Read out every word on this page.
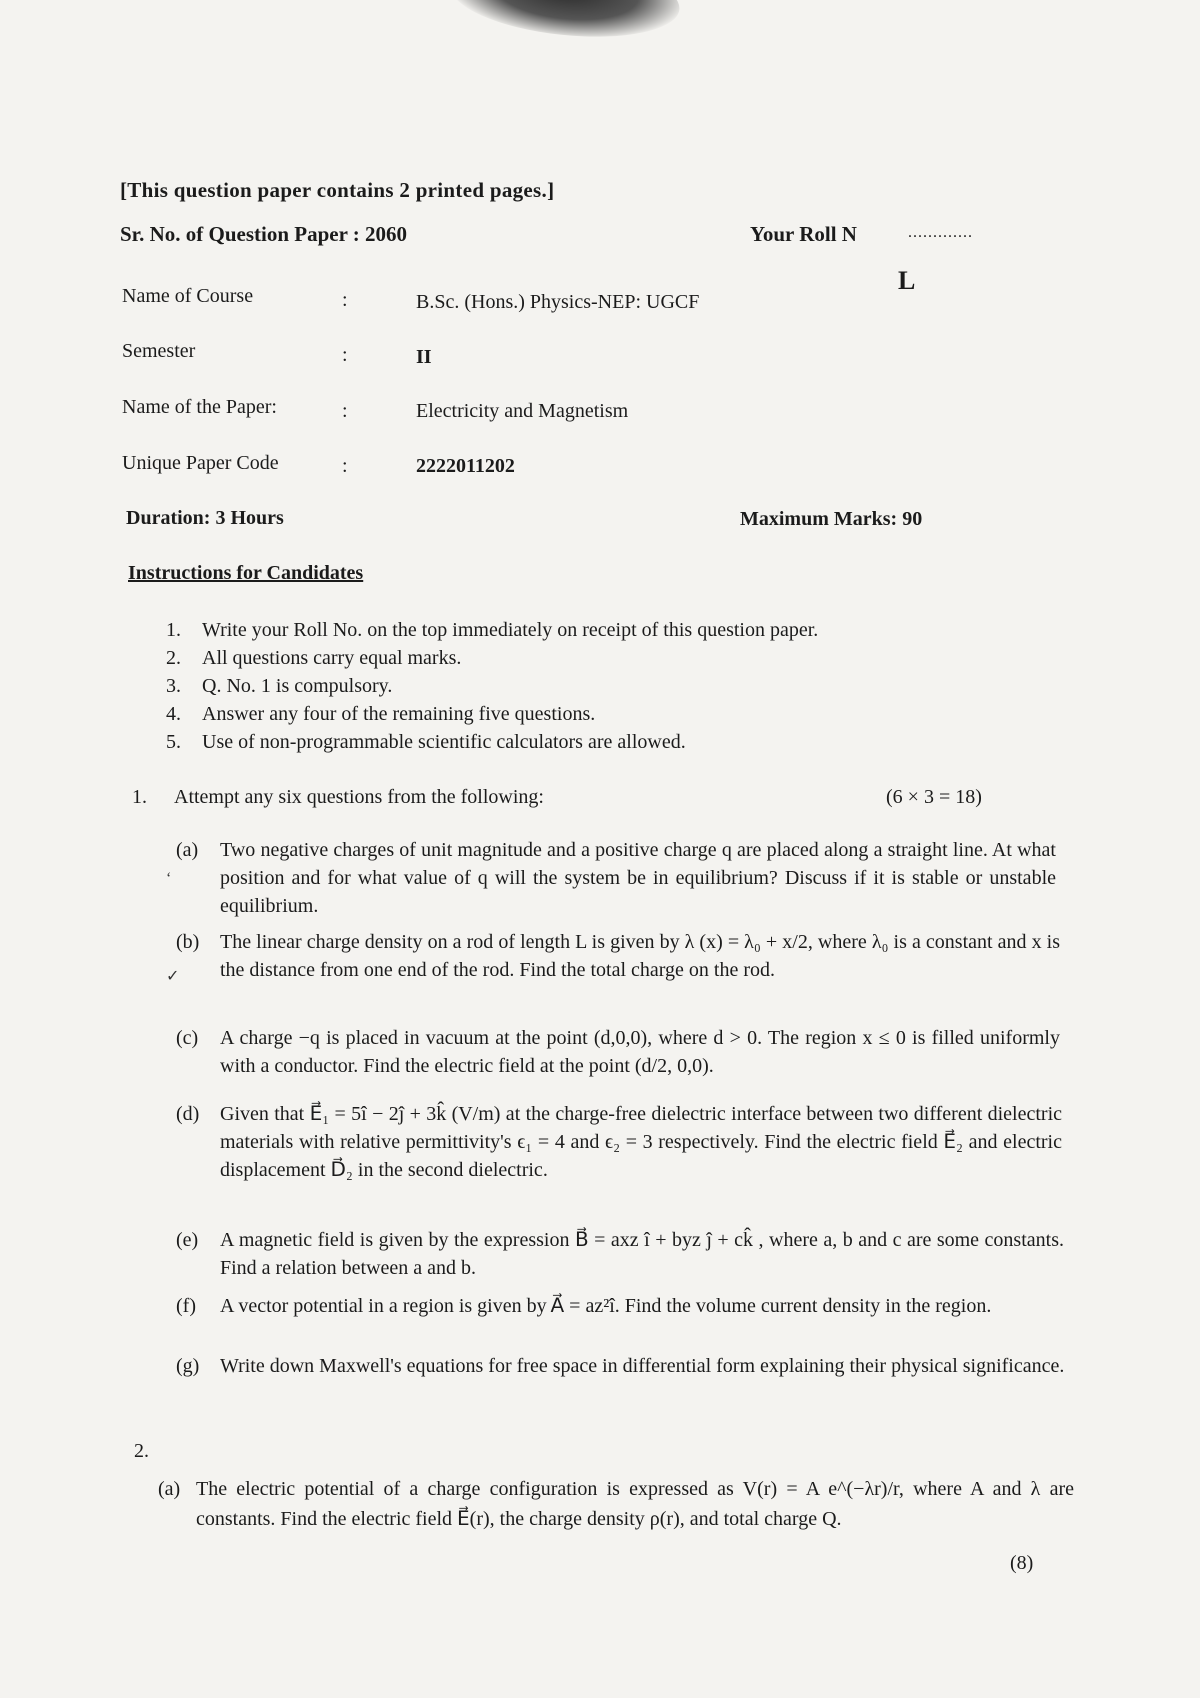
[This question paper contains 2 printed pages.]
Sr. No. of Question Paper : 2060	Your Roll N	.............
L
Name of Course	:	B.Sc. (Hons.) Physics-NEP: UGCF
Semester	:	II
Name of the Paper:	:	Electricity and Magnetism
Unique Paper Code	:	2222011202
Duration: 3 Hours	Maximum Marks: 90
Instructions for Candidates
1. Write your Roll No. on the top immediately on receipt of this question paper.
2. All questions carry equal marks.
3. Q. No. 1 is compulsory.
4. Answer any four of the remaining five questions.
5. Use of non-programmable scientific calculators are allowed.
1. Attempt any six questions from the following:	(6 × 3 = 18)
(a) Two negative charges of unit magnitude and a positive charge q are placed along a straight line. At what position and for what value of q will the system be in equilibrium? Discuss if it is stable or unstable equilibrium.
ʻ
(b) The linear charge density on a rod of length L is given by λ (x) = λ₀ + x/2, where λ₀ is a constant and x is the distance from one end of the rod. Find the total charge on the rod.
✓
(c) A charge −q is placed in vacuum at the point (d,0,0), where d > 0. The region x ≤ 0 is filled uniformly with a conductor. Find the electric field at the point (d/2, 0,0).
(d) Given that E⃗₁ = 5î − 2ĵ + 3k̂ (V/m) at the charge-free dielectric interface between two different dielectric materials with relative permittivity's ϵ₁ = 4 and ϵ₂ = 3 respectively. Find the electric field E⃗₂ and electric displacement D⃗₂ in the second dielectric.
(e) A magnetic field is given by the expression B⃗ = axz î + byz ĵ + ck̂ , where a, b and c are some constants. Find a relation between a and b.
(f) A vector potential in a region is given by A⃗ = az²î. Find the volume current density in the region.
(g) Write down Maxwell's equations for free space in differential form explaining their physical significance.
2.
(a) The electric potential of a charge configuration is expressed as V(r) = A e^(−λr)/r, where A and λ are constants. Find the electric field E⃗(r), the charge density ρ(r), and total charge Q.
(8)
